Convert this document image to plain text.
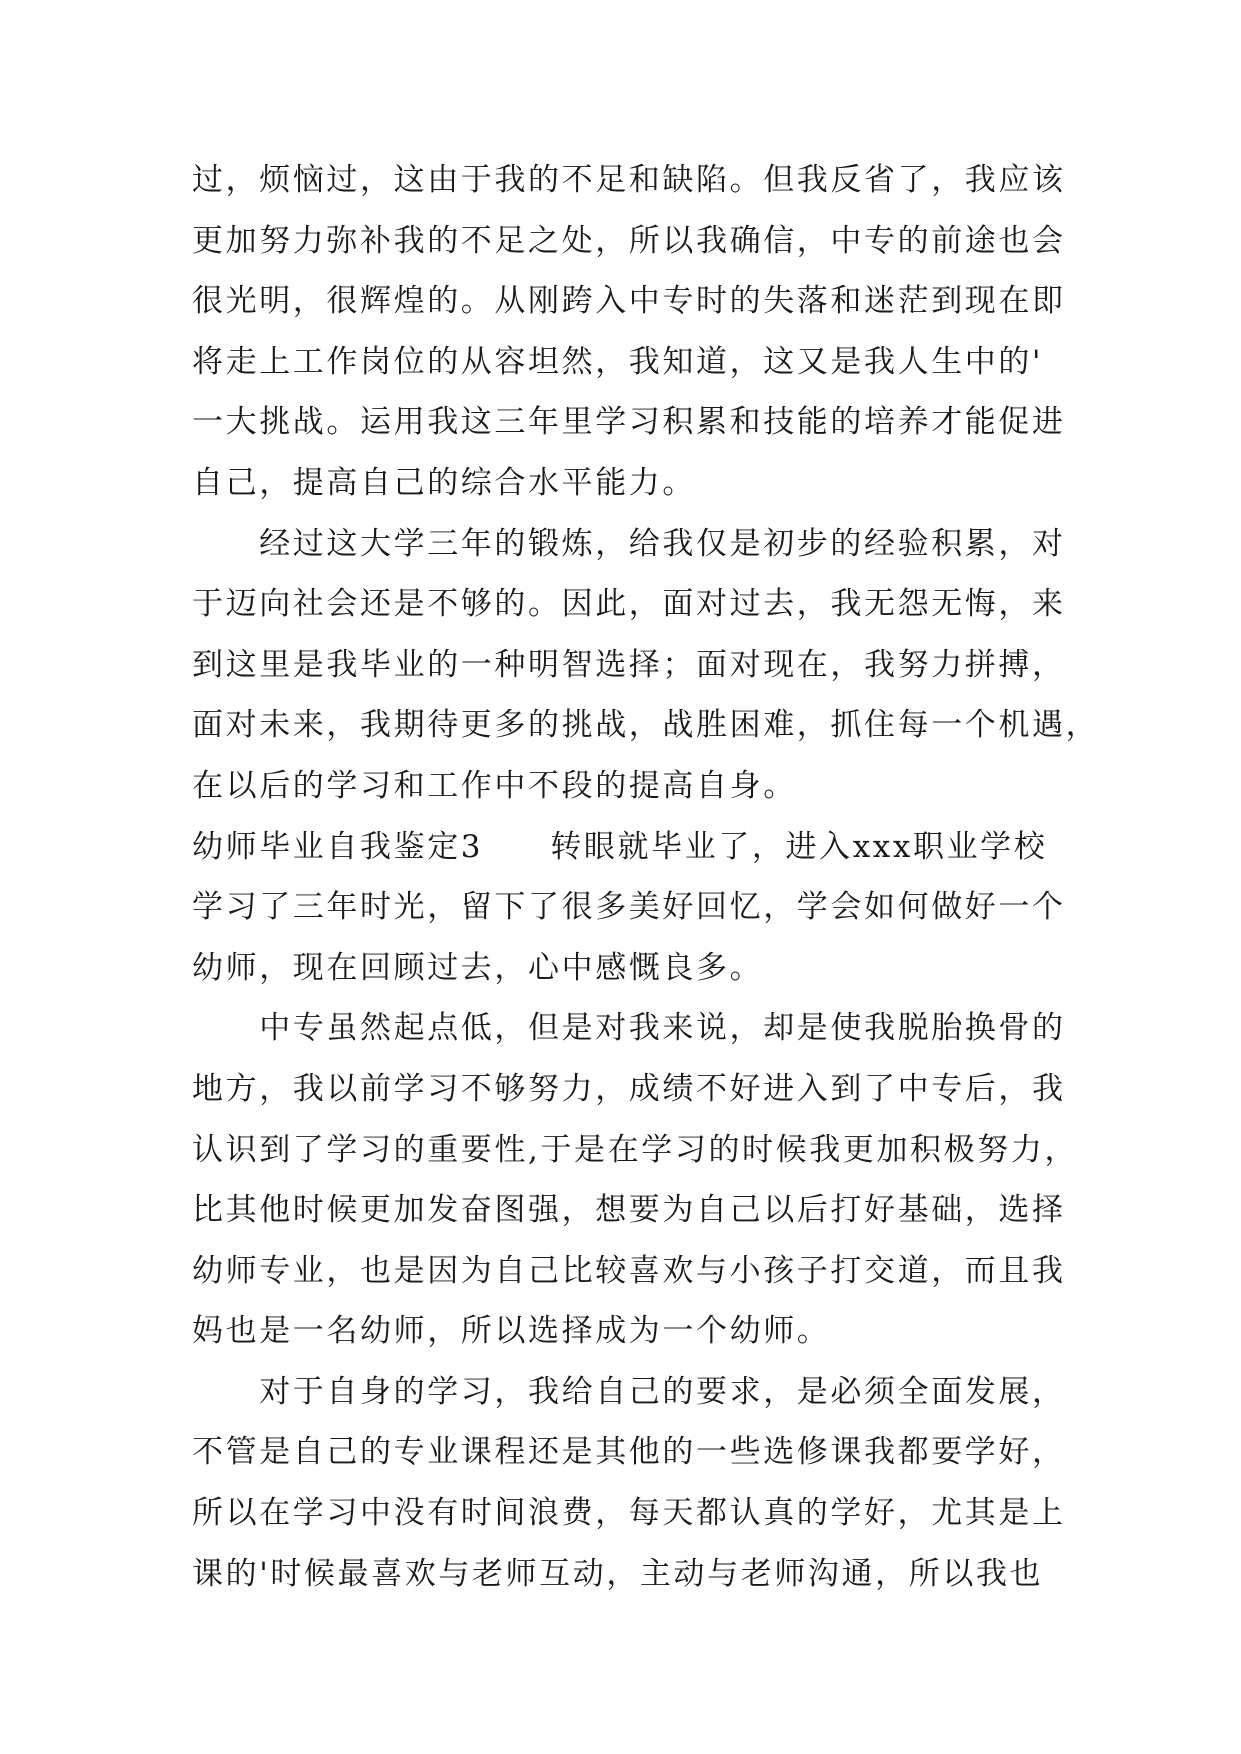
过，烦恼过，这由于我的不足和缺陷。但我反省了，我应该
更加努力弥补我的不足之处，所以我确信，中专的前途也会
很光明，很辉煌的。从刚跨入中专时的失落和迷茫到现在即
将走上工作岗位的从容坦然，我知道，这又是我人生中的'
一大挑战。运用我这三年里学习积累和技能的培养才能促进
自己，提高自己的综合水平能力。
　　经过这大学三年的锻炼，给我仅是初步的经验积累，对
于迈向社会还是不够的。因此，面对过去，我无怨无悔，来
到这里是我毕业的一种明智选择；面对现在，我努力拼搏，
面对未来，我期待更多的挑战，战胜困难，抓住每一个机遇，
在以后的学习和工作中不段的提高自身。
幼师毕业自我鉴定3　　转眼就毕业了，进入xxx职业学校
学习了三年时光，留下了很多美好回忆，学会如何做好一个
幼师，现在回顾过去，心中感慨良多。
　　中专虽然起点低，但是对我来说，却是使我脱胎换骨的
地方，我以前学习不够努力，成绩不好进入到了中专后，我
认识到了学习的重要性,于是在学习的时候我更加积极努力，
比其他时候更加发奋图强，想要为自己以后打好基础，选择
幼师专业，也是因为自己比较喜欢与小孩子打交道，而且我
妈也是一名幼师，所以选择成为一个幼师。
　　对于自身的学习，我给自己的要求，是必须全面发展，
不管是自己的专业课程还是其他的一些选修课我都要学好，
所以在学习中没有时间浪费，每天都认真的学好，尤其是上
课的'时候最喜欢与老师互动，主动与老师沟通，所以我也
